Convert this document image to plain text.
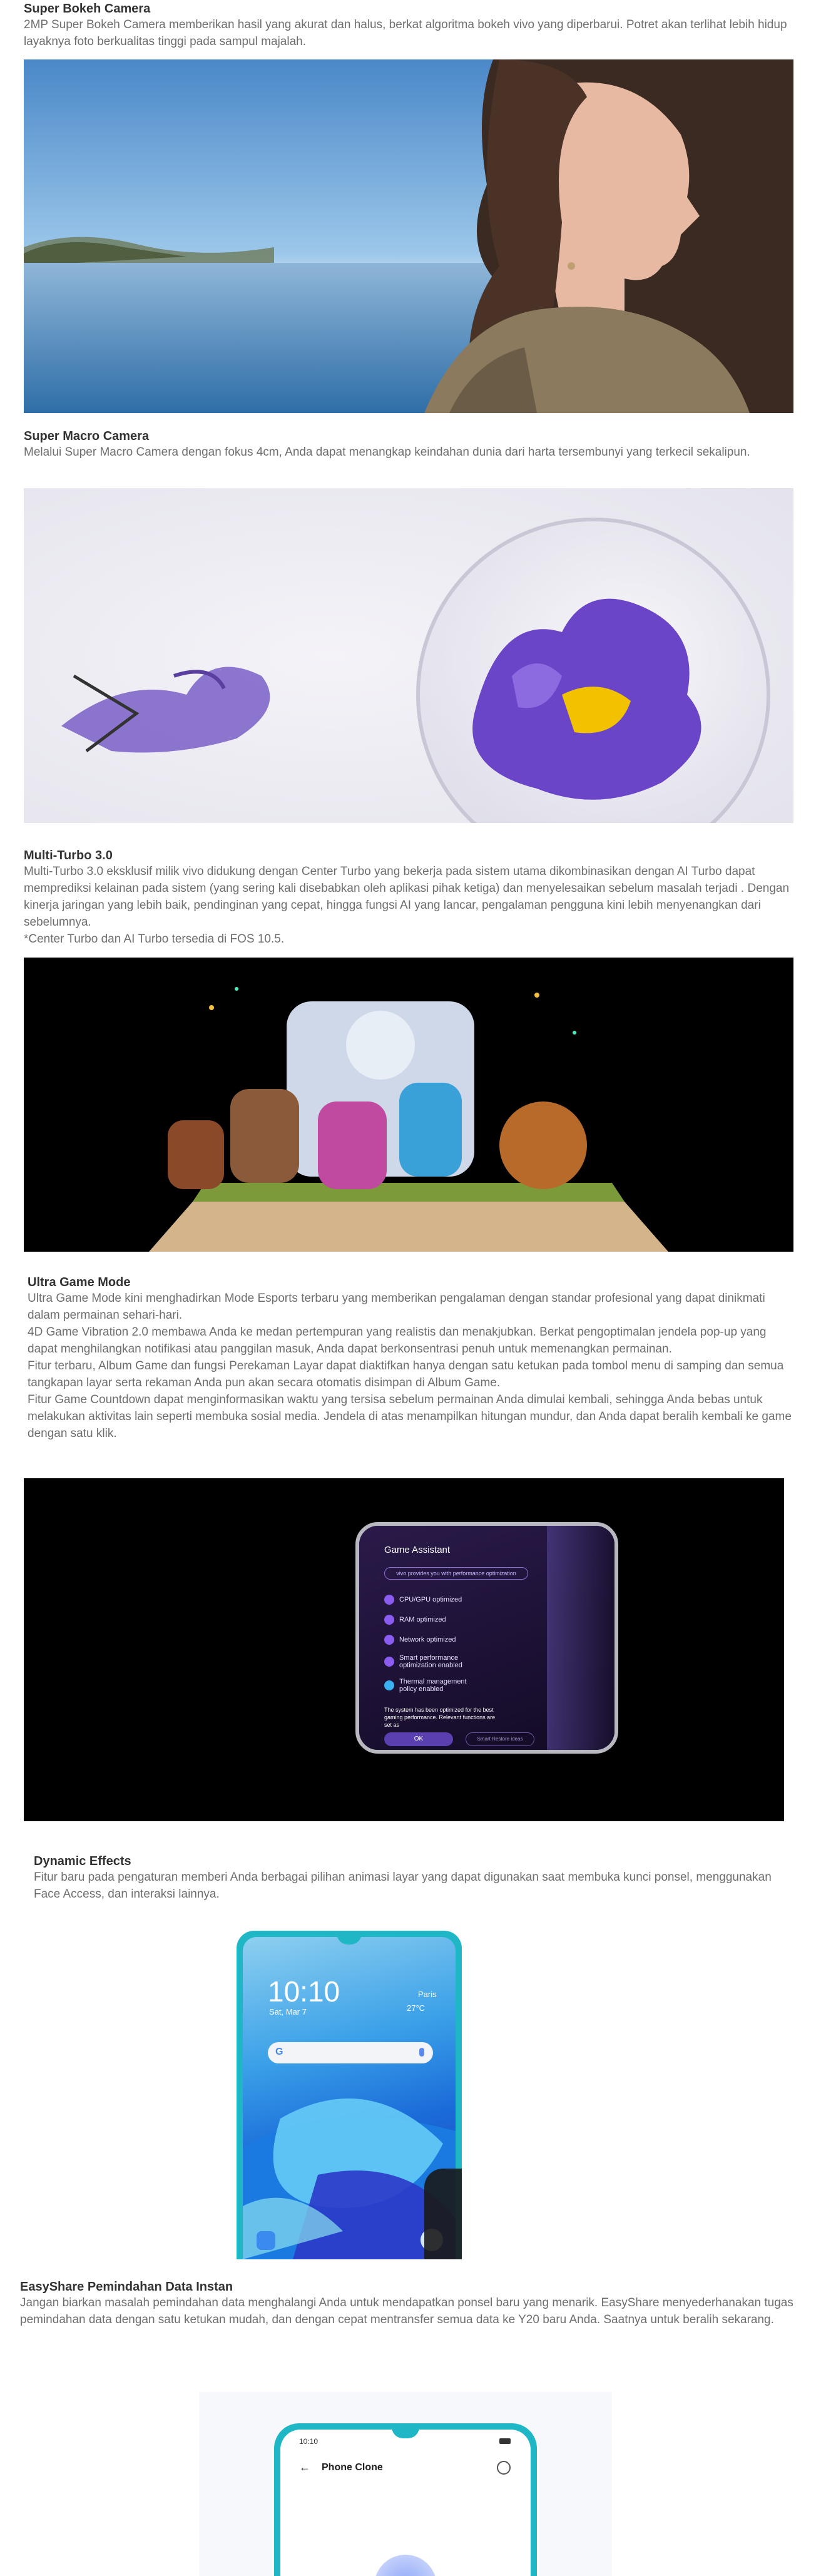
Super Bokeh Camera
2MP Super Bokeh Camera memberikan hasil yang akurat dan halus, berkat algoritma bokeh vivo yang diperbarui. Potret akan terlihat lebih hidup layaknya foto berkualitas tinggi pada sampul majalah.
Super Macro Camera
Melalui Super Macro Camera dengan fokus 4cm, Anda dapat menangkap keindahan dunia dari harta tersembunyi yang terkecil sekalipun.
Multi-Turbo 3.0
Multi-Turbo 3.0 eksklusif milik vivo didukung dengan Center Turbo yang bekerja pada sistem utama dikombinasikan dengan AI Turbo dapat memprediksi kelainan pada sistem (yang sering kali disebabkan oleh aplikasi pihak ketiga) dan menyelesaikan sebelum masalah terjadi . Dengan kinerja jaringan yang lebih baik, pendinginan yang cepat, hingga fungsi AI yang lancar, pengalaman pengguna kini lebih menyenangkan dari sebelumnya.
*Center Turbo dan AI Turbo tersedia di FOS 10.5.
Ultra Game Mode
Ultra Game Mode kini menghadirkan Mode Esports terbaru yang memberikan pengalaman dengan standar profesional yang dapat dinikmati dalam permainan sehari-hari.
4D Game Vibration 2.0 membawa Anda ke medan pertempuran yang realistis dan menakjubkan. Berkat pengoptimalan jendela pop-up yang dapat menghilangkan notifikasi atau panggilan masuk, Anda dapat berkonsentrasi penuh untuk memenangkan permainan.
Fitur terbaru, Album Game dan fungsi Perekaman Layar dapat diaktifkan hanya dengan satu ketukan pada tombol menu di samping dan semua tangkapan layar serta rekaman Anda pun akan secara otomatis disimpan di Album Game.
Fitur Game Countdown dapat menginformasikan waktu yang tersisa sebelum permainan Anda dimulai kembali, sehingga Anda bebas untuk melakukan aktivitas lain seperti membuka sosial media. Jendela di atas menampilkan hitungan mundur, dan Anda dapat beralih kembali ke game dengan satu klik.
Game Assistant
vivo provides you with performance optimization
CPU/GPU optimized
RAM optimized
Network optimized
Smart performance optimization enabled
Thermal management policy enabled
The system has been optimized for the best gaming performance. Relevant functions are set as
OK	Smart Restore ideas
Dynamic Effects
Fitur baru pada pengaturan memberi Anda berbagai pilihan animasi layar yang dapat digunakan saat membuka kunci ponsel, menggunakan Face Access, dan interaksi lainnya.
10:10
Sat, Mar 7
Paris
27°C
G
EasyShare Pemindahan Data Instan
Jangan biarkan masalah pemindahan data menghalangi Anda untuk mendapatkan ponsel baru yang menarik. EasyShare menyederhanakan tugas pemindahan data dengan satu ketukan mudah, dan dengan cepat mentransfer semua data ke Y20 baru Anda. Saatnya untuk beralih sekarang.
10:10
← Phone Clone
